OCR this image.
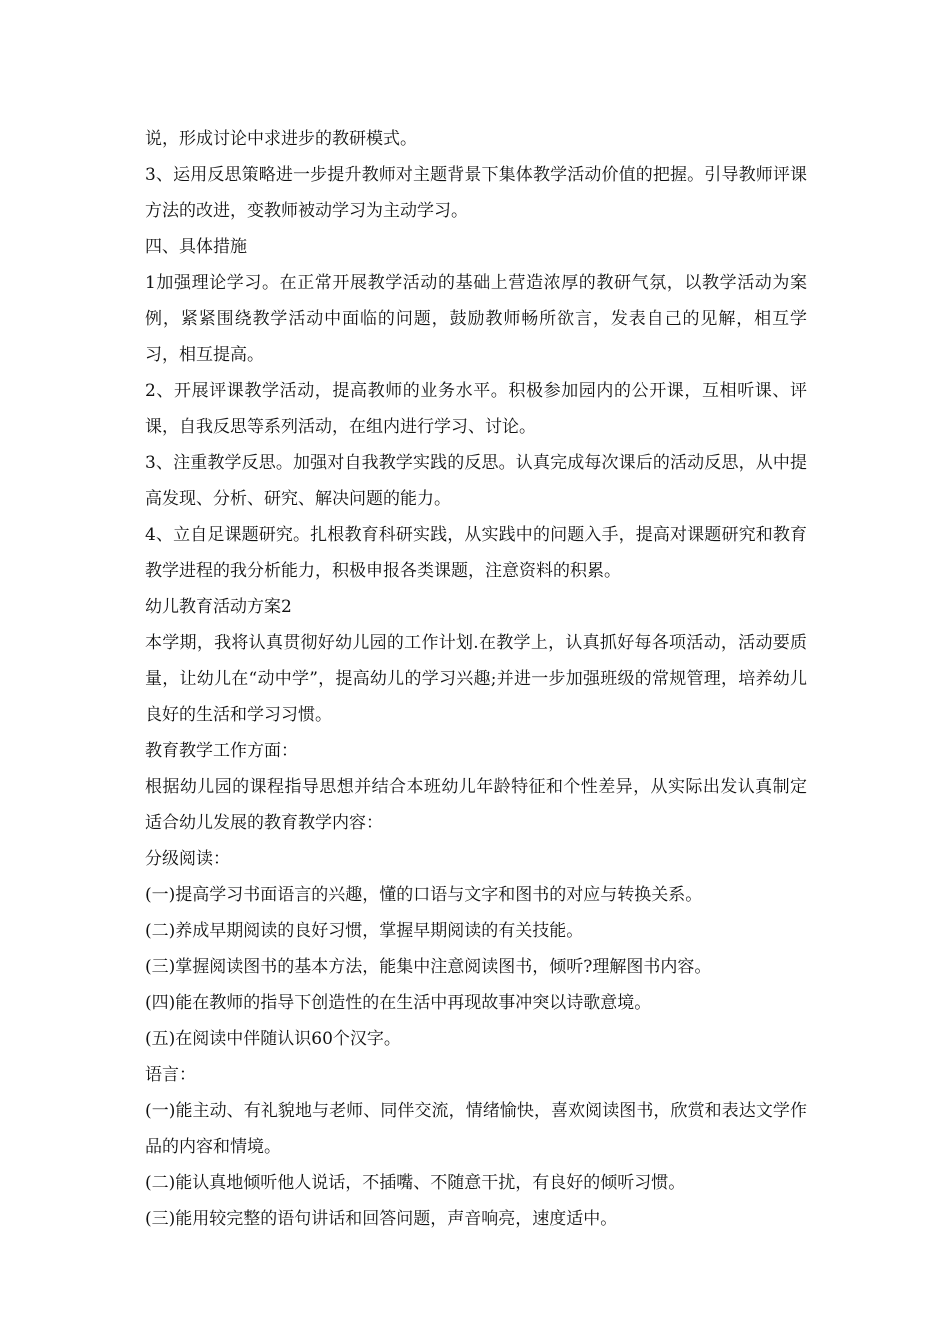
说，形成讨论中求进步的教研模式。

3、运用反思策略进一步提升教师对主题背景下集体教学活动价值的把握。引导教师评课方法的改进，变教师被动学习为主动学习。

四、具体措施

1加强理论学习。在正常开展教学活动的基础上营造浓厚的教研气氛，以教学活动为案例，紧紧围绕教学活动中面临的问题，鼓励教师畅所欲言，发表自己的见解，相互学习，相互提高。

2、开展评课教学活动，提高教师的业务水平。积极参加园内的公开课，互相听课、评课，自我反思等系列活动，在组内进行学习、讨论。

3、注重教学反思。加强对自我教学实践的反思。认真完成每次课后的活动反思，从中提高发现、分析、研究、解决问题的能力。

4、立自足课题研究。扎根教育科研实践，从实践中的问题入手，提高对课题研究和教育教学进程的我分析能力，积极申报各类课题，注意资料的积累。

幼儿教育活动方案2

本学期，我将认真贯彻好幼儿园的工作计划.在教学上，认真抓好每各项活动，活动要质量，让幼儿在“动中学”，提高幼儿的学习兴趣;并进一步加强班级的常规管理，培养幼儿良好的生活和学习习惯。

教育教学工作方面：

根据幼儿园的课程指导思想并结合本班幼儿年龄特征和个性差异，从实际出发认真制定适合幼儿发展的教育教学内容：

分级阅读：

(一)提高学习书面语言的兴趣，懂的口语与文字和图书的对应与转换关系。

(二)养成早期阅读的良好习惯，掌握早期阅读的有关技能。

(三)掌握阅读图书的基本方法，能集中注意阅读图书，倾听?理解图书内容。

(四)能在教师的指导下创造性的在生活中再现故事冲突以诗歌意境。

(五)在阅读中伴随认识60个汉字。

语言：

(一)能主动、有礼貌地与老师、同伴交流，情绪愉快，喜欢阅读图书，欣赏和表达文学作品的内容和情境。

(二)能认真地倾听他人说话，不插嘴、不随意干扰，有良好的倾听习惯。

(三)能用较完整的语句讲话和回答问题，声音响亮，速度适中。
